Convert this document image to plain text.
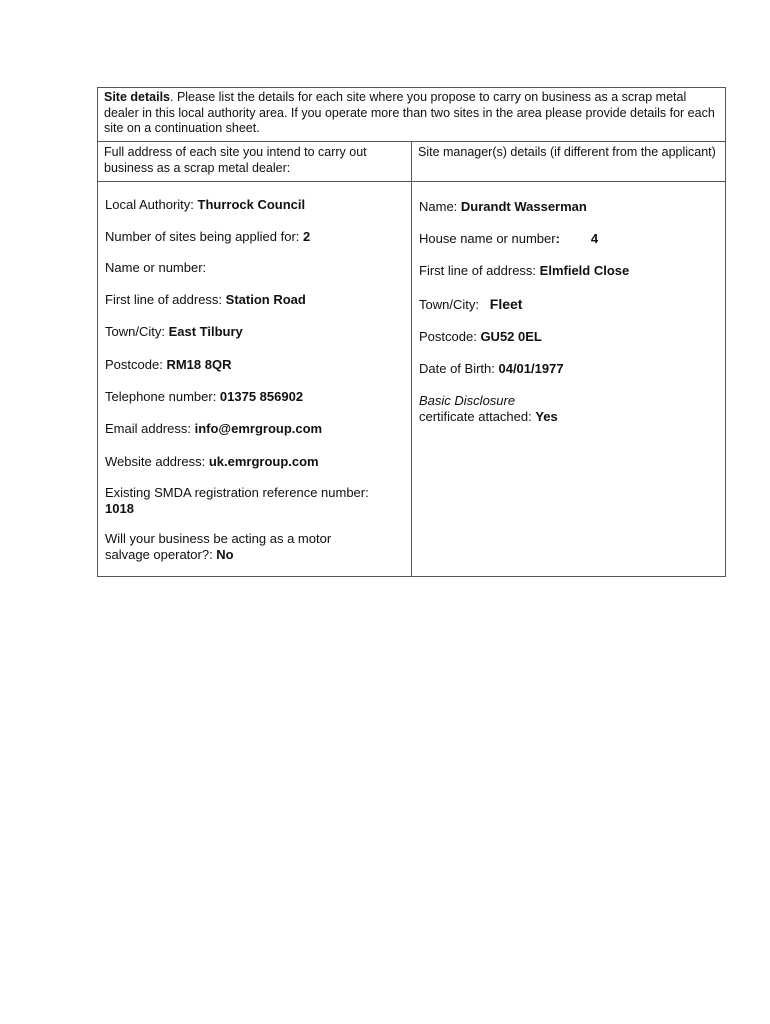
Site details. Please list the details for each site where you propose to carry on business as a scrap metal dealer in this local authority area. If you operate more than two sites in the area please provide details for each site on a continuation sheet.
Full address of each site you intend to carry out business as a scrap metal dealer:
Site manager(s) details (if different from the applicant)
Local Authority: Thurrock Council
Number of sites being applied for: 2
Name or number:
First line of address: Station Road
Town/City: East Tilbury
Postcode: RM18 8QR
Telephone number: 01375 856902
Email address: info@emrgroup.com
Website address: uk.emrgroup.com
Existing SMDA registration reference number:
1018
Will your business be acting as a motor salvage operator?: No
Name: Durandt Wasserman
House name or number: 4
First line of address: Elmfield Close
Town/City:   Fleet
Postcode: GU52 0EL
Date of Birth: 04/01/1977
Basic Disclosure
certificate attached: Yes
